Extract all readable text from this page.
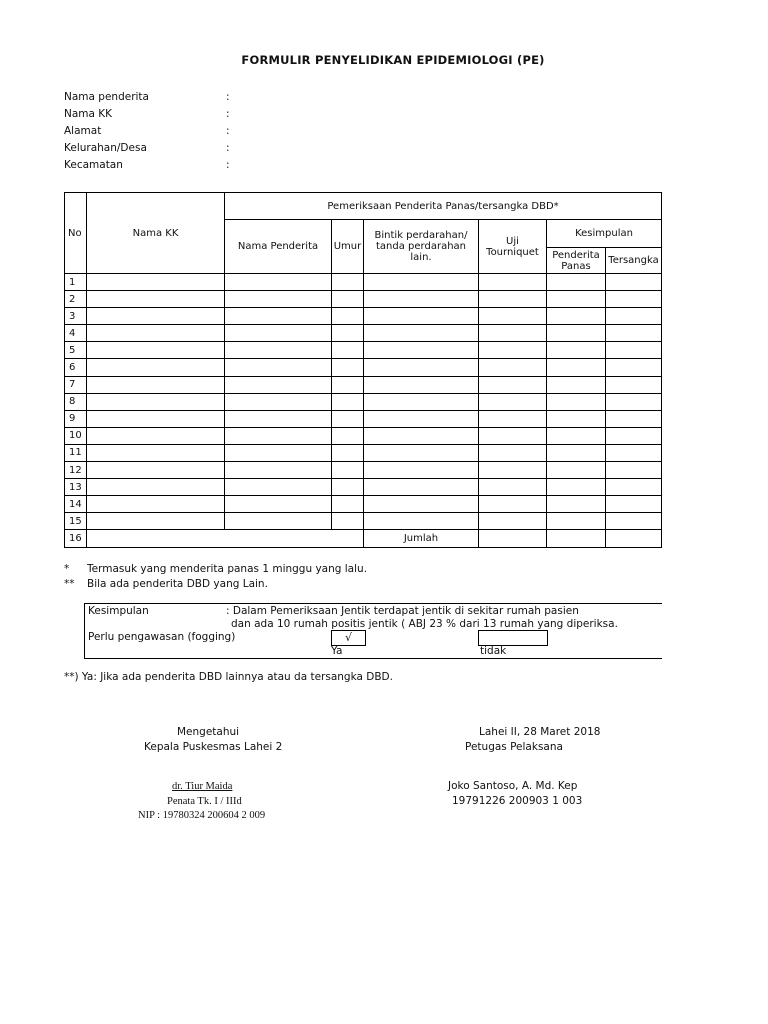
FORMULIR PENYELIDIKAN EPIDEMIOLOGI (PE)
Nama penderita	:
Nama KK	:
Alamat	:
Kelurahan/Desa	:
Kecamatan	:
No	Nama KK	Pemeriksaan Penderita Panas/tersangka DBD*					
		Nama Penderita	Umur	Bintik perdarahan/ tanda perdarahan lain.	Uji Tourniquet	Kesimpulan	
						Penderita Panas	Tersangka
1							
2							
3							
4							
5							
6							
7							
8							
9							
10							
11							
12							
13							
14							
15							
16				Jumlah			
* Termasuk yang menderita panas 1 minggu yang lalu.
** Bila ada penderita DBD yang Lain.
Kesimpulan	: Dalam Pemeriksaan Jentik terdapat jentik di sekitar rumah pasien
dan ada 10 rumah positis jentik ( ABJ 23 % dari 13 rumah yang diperiksa.
Perlu pengawasan (fogging)	√
Ya	tidak
**) Ya: Jika ada penderita DBD lainnya atau da tersangka DBD.
Mengetahui
Kepala Puskesmas Lahei 2
dr. Tiur Maida
Penata Tk. I / IIId
NIP : 19780324 200604 2 009
Lahei II, 28 Maret 2018
Petugas Pelaksana
Joko Santoso, A. Md. Kep
19791226 200903 1 003
